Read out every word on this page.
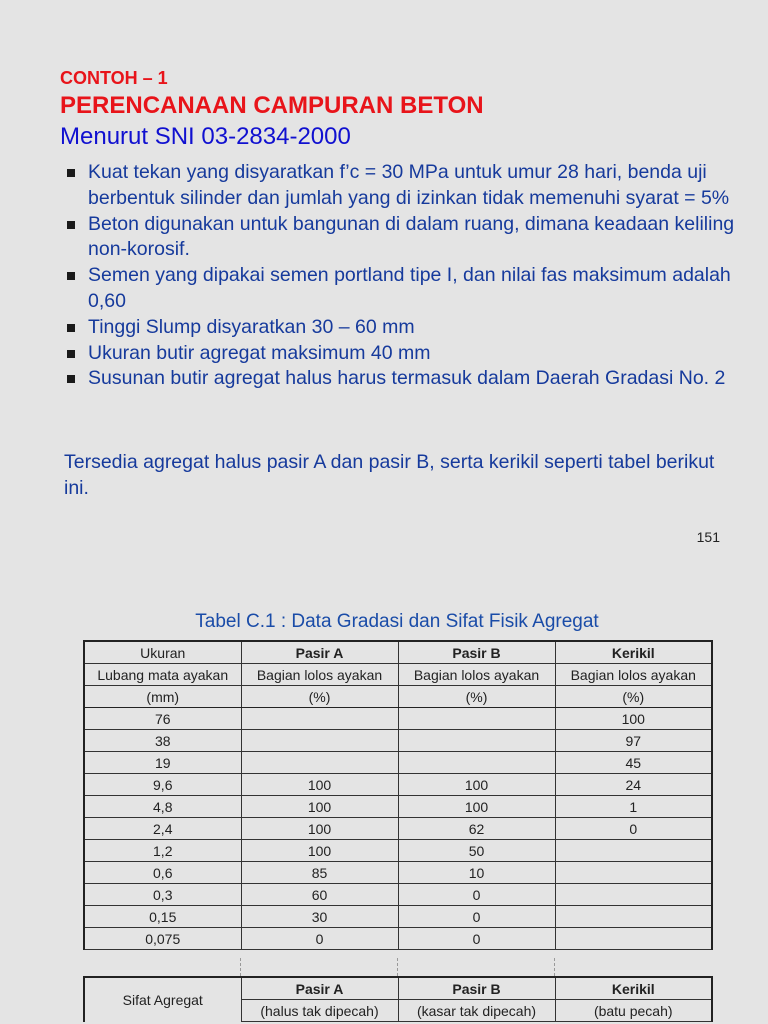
CONTOH – 1
PERENCANAAN CAMPURAN BETON
Menurut SNI 03-2834-2000
Kuat tekan yang disyaratkan f’c = 30 MPa untuk umur 28 hari, benda uji berbentuk silinder dan jumlah yang di izinkan tidak memenuhi syarat = 5%
Beton digunakan untuk bangunan di dalam ruang, dimana keadaan keliling non-korosif.
Semen yang dipakai semen portland tipe I, dan nilai fas maksimum adalah 0,60
Tinggi Slump disyaratkan 30 – 60 mm
Ukuran butir agregat maksimum 40 mm
Susunan butir agregat halus harus termasuk dalam Daerah Gradasi No. 2
Tersedia agregat halus pasir A dan pasir B, serta kerikil seperti tabel berikut ini.
151
Tabel C.1 : Data Gradasi dan Sifat Fisik Agregat
Ukuran	Pasir A	Pasir B	Kerikil
Lubang mata ayakan	Bagian lolos ayakan	Bagian lolos ayakan	Bagian lolos ayakan
(mm)	(%)	(%)	(%)
76			100
38			97
19			45
9,6	100	100	24
4,8	100	100	1
2,4	100	62	0
1,2	100	50	
0,6	85	10	
0,3	60	0	
0,15	30	0	
0,075	0	0	
Sifat Agregat	Pasir A	Pasir B	Kerikil
	(halus tak dipecah)	(kasar tak dipecah)	(batu pecah)
